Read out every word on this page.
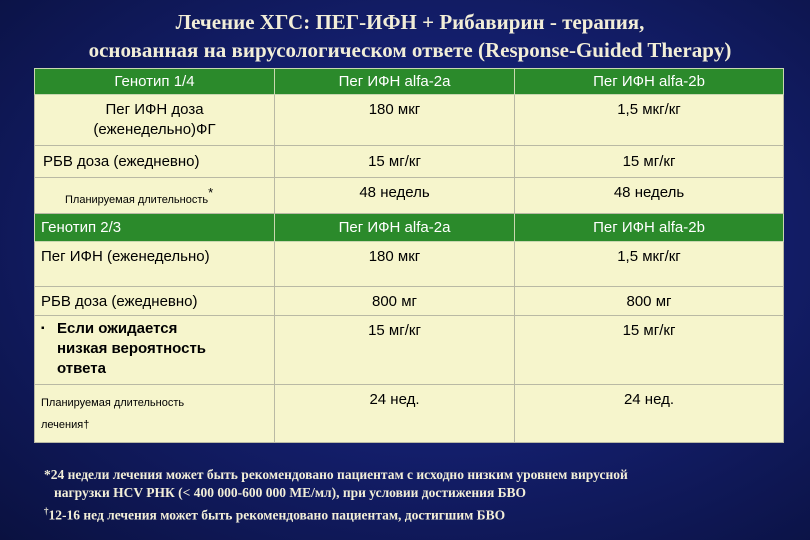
Лечение ХГС: ПЕГ-ИФН + Рибавирин - терапия,
основанная на вирусологическом ответе (Response-Guided Therapy)
Генотип 1/4	Пег ИФН alfa-2a	Пег ИФН alfa-2b

Пег ИФН доза
(еженедельно)ФГ	180 мкг	1,5 мкг/кг
РБВ доза (ежедневно)	15 мг/кг	15 мг/кг
Планируемая длительность*	48 недель	48 недель
Генотип 2/3	Пег ИФН alfa-2a	Пег ИФН alfa-2b
Пег ИФН (еженедельно)	180 мкг	1,5 мкг/кг
РБВ доза (ежедневно)	800 мг	800 мг
▪ Если ожидается
низкая вероятность
ответа	15 мг/кг	15 мг/кг

Планируемая длительность
лечения†	24 нед.	24 нед.
*24 недели лечения может быть рекомендовано пациентам с исходно низким уровнем вирусной
нагрузки HCV РНК (< 400 000-600 000 МЕ/мл), при условии достижения БВО
†12-16 нед лечения может быть рекомендовано пациентам, достигшим БВО
